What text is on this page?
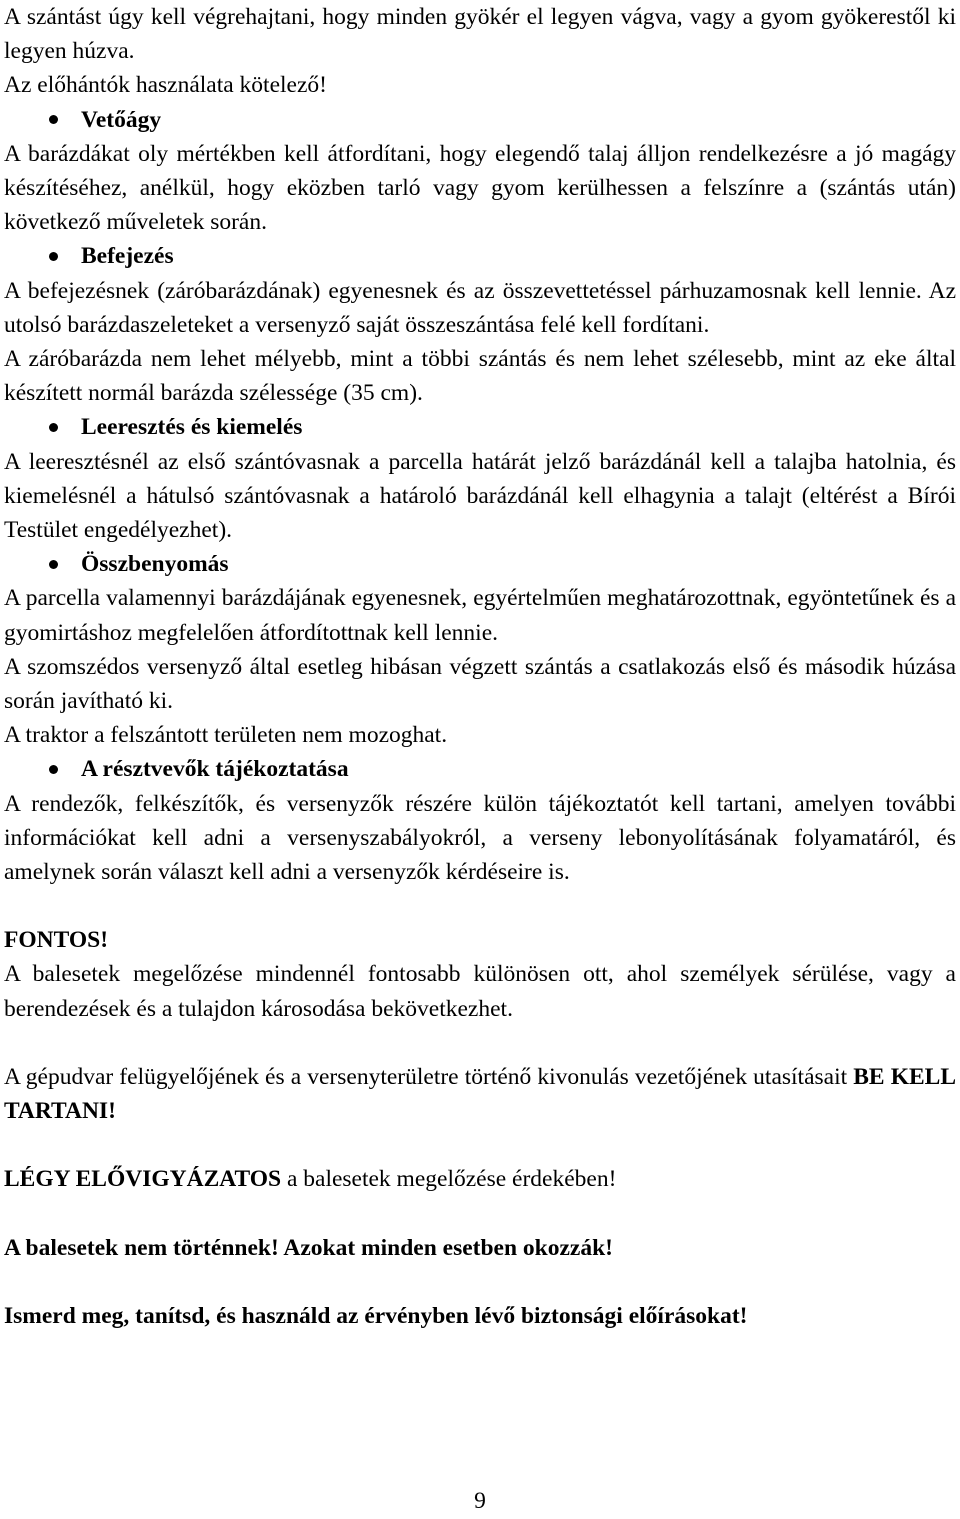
A szántást úgy kell végrehajtani, hogy minden gyökér el legyen vágva, vagy a gyom gyökerestől ki legyen húzva.

Az előhántók használata kötelező!

Vetőágy

A barázdákat oly mértékben kell átfordítani, hogy elegendő talaj álljon rendelkezésre a jó magágy készítéséhez, anélkül, hogy eközben tarló vagy gyom kerülhessen a felszínre a (szántás után) következő műveletek során.

Befejezés

A befejezésnek (záróbarázdának) egyenesnek és az összevettetéssel párhuzamosnak kell lennie. Az utolsó barázdaszeleteket a versenyző saját összeszántása felé kell fordítani.

A záróbarázda nem lehet mélyebb, mint a többi szántás és nem lehet szélesebb, mint az eke által készített normál barázda szélessége (35 cm).

Leeresztés és kiemelés

A leeresztésnél az első szántóvasnak a parcella határát jelző barázdánál kell a talajba hatolnia, és kiemelésnél a hátulsó szántóvasnak a határoló barázdánál kell elhagynia a talajt (eltérést a Bírói Testület engedélyezhet).

Összbenyomás

A parcella valamennyi barázdájának egyenesnek, egyértelműen meghatározottnak, egyöntetűnek és a gyomirtáshoz megfelelően átfordítottnak kell lennie.

A szomszédos versenyző által esetleg hibásan végzett szántás a csatlakozás első és második húzása során javítható ki.

A traktor a felszántott területen nem mozoghat.

A résztvevők tájékoztatása

A rendezők, felkészítők, és versenyzők részére külön tájékoztatót kell tartani, amelyen további információkat kell adni a versenyszabályokról, a verseny lebonyolításának folyamatáról, és amelynek során választ kell adni a versenyzők kérdéseire is.

FONTOS!

A balesetek megelőzése mindennél fontosabb különösen ott, ahol személyek sérülése, vagy a berendezések és a tulajdon károsodása bekövetkezhet.

A gépudvar felügyelőjének és a versenyterületre történő kivonulás vezetőjének utasításait BE KELL TARTANI!

LÉGY ELŐVIGYÁZATOS a balesetek megelőzése érdekében!

A balesetek nem történnek! Azokat minden esetben okozzák!

Ismerd meg, tanítsd, és használd az érvényben lévő biztonsági előírásokat!

9
